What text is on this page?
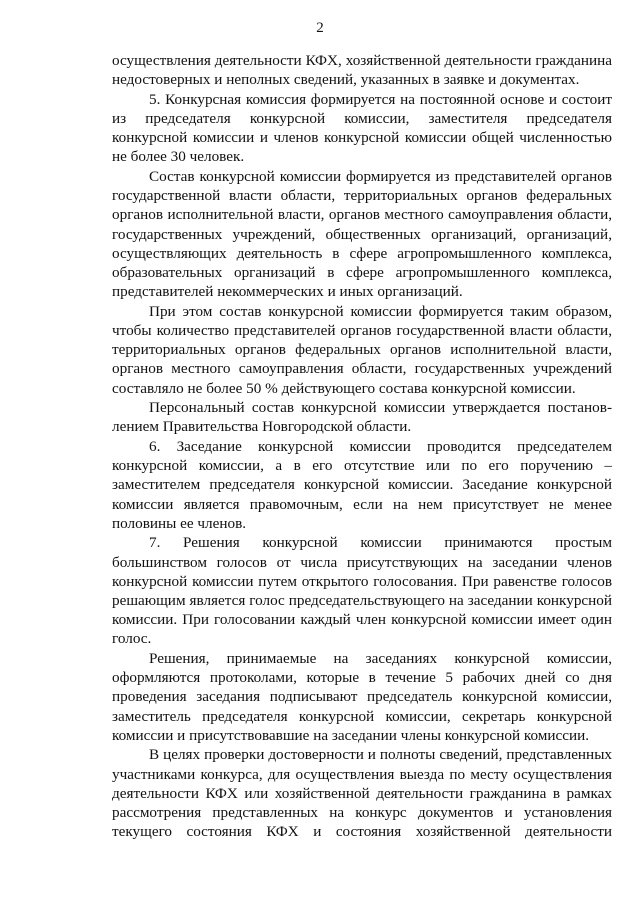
2

осуществления деятельности КФХ, хозяйственной деятельности гражданина недостоверных и неполных сведений, указанных в заявке и документах.

5. Конкурсная комиссия формируется на постоянной основе и состоит из председателя конкурсной комиссии, заместителя председателя конкурсной комиссии и членов конкурсной комиссии общей численностью не более 30 человек.

Состав конкурсной комиссии формируется из представителей органов государственной власти области, территориальных органов федеральных органов исполнительной власти, органов местного самоуправления области, государственных учреждений, общественных организаций, организаций, осуществляющих деятельность в сфере агропромышленного комплекса, образовательных организаций в сфере агропромышленного комплекса, представителей некоммерческих и иных организаций.

При этом состав конкурсной комиссии формируется таким образом, чтобы количество представителей органов государственной власти области, территориальных органов федеральных органов исполнительной власти, органов местного самоуправления области, государственных учреждений составляло не более 50 % действующего состава конкурсной комиссии.

Персональный состав конкурсной комиссии утверждается постановлением Правительства Новгородской области.

6. Заседание конкурсной комиссии проводится председателем конкурсной комиссии, а в его отсутствие или по его поручению – заместителем председателя конкурсной комиссии. Заседание конкурсной комиссии является правомочным, если на нем присутствует не менее половины ее членов.

7. Решения конкурсной комиссии принимаются простым большинством голосов от числа присутствующих на заседании членов конкурсной комиссии путем открытого голосования. При равенстве голосов решающим является голос председательствующего на заседании конкурсной комиссии. При голосовании каждый член конкурсной комиссии имеет один голос.

Решения, принимаемые на заседаниях конкурсной комиссии, оформляются протоколами, которые в течение 5 рабочих дней со дня проведения заседания подписывают председатель конкурсной комиссии, заместитель председателя конкурсной комиссии, секретарь конкурсной комиссии и присутствовавшие на заседании члены конкурсной комиссии.

В целях проверки достоверности и полноты сведений, представленных участниками конкурса, для осуществления выезда по месту осуществления деятельности КФХ или хозяйственной деятельности гражданина в рамках рассмотрения представленных на конкурс документов и установления текущего состояния КФХ и состояния хозяйственной деятельности
